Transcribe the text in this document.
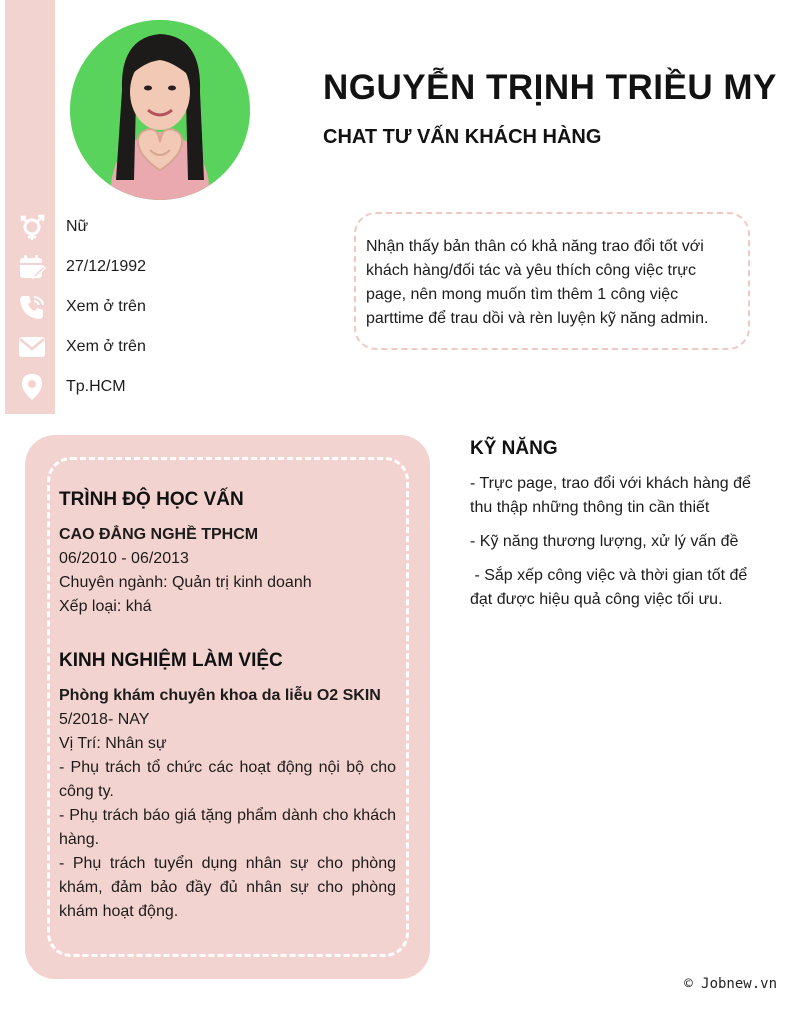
NGUYỄN TRỊNH TRIỀU MY
CHAT TƯ VẤN KHÁCH HÀNG
Nữ
27/12/1992
Xem ở trên
Xem ở trên
Tp.HCM

Nhận thấy bản thân có khả năng trao đổi tốt với khách hàng/đối tác và yêu thích công việc trực page, nên mong muốn tìm thêm 1 công việc parttime để trau dồi và rèn luyện kỹ năng admin.

TRÌNH ĐỘ HỌC VẤN

CAO ĐẲNG NGHỀ TPHCM

06/2010 - 06/2013

Chuyên ngành: Quản trị kinh doanh

Xếp loại: khá

KINH NGHIỆM LÀM VIỆC

Phòng khám chuyên khoa da liễu O2 SKIN

5/2018- NAY

Vị Trí: Nhân sự

- Phụ trách tổ chức các hoạt động nội bộ cho công ty.

- Phụ trách báo giá tặng phẩm dành cho khách hàng.

- Phụ trách tuyển dụng nhân sự cho phòng khám, đảm bảo đầy đủ nhân sự cho phòng khám hoạt động.

KỸ NĂNG

- Trực page, trao đổi với khách hàng để thu thập những thông tin cần thiết

- Kỹ năng thương lượng, xử lý vấn đề

- Sắp xếp công việc và thời gian tốt để đạt được hiệu quả công việc tối ưu.

© Jobnew.vn
